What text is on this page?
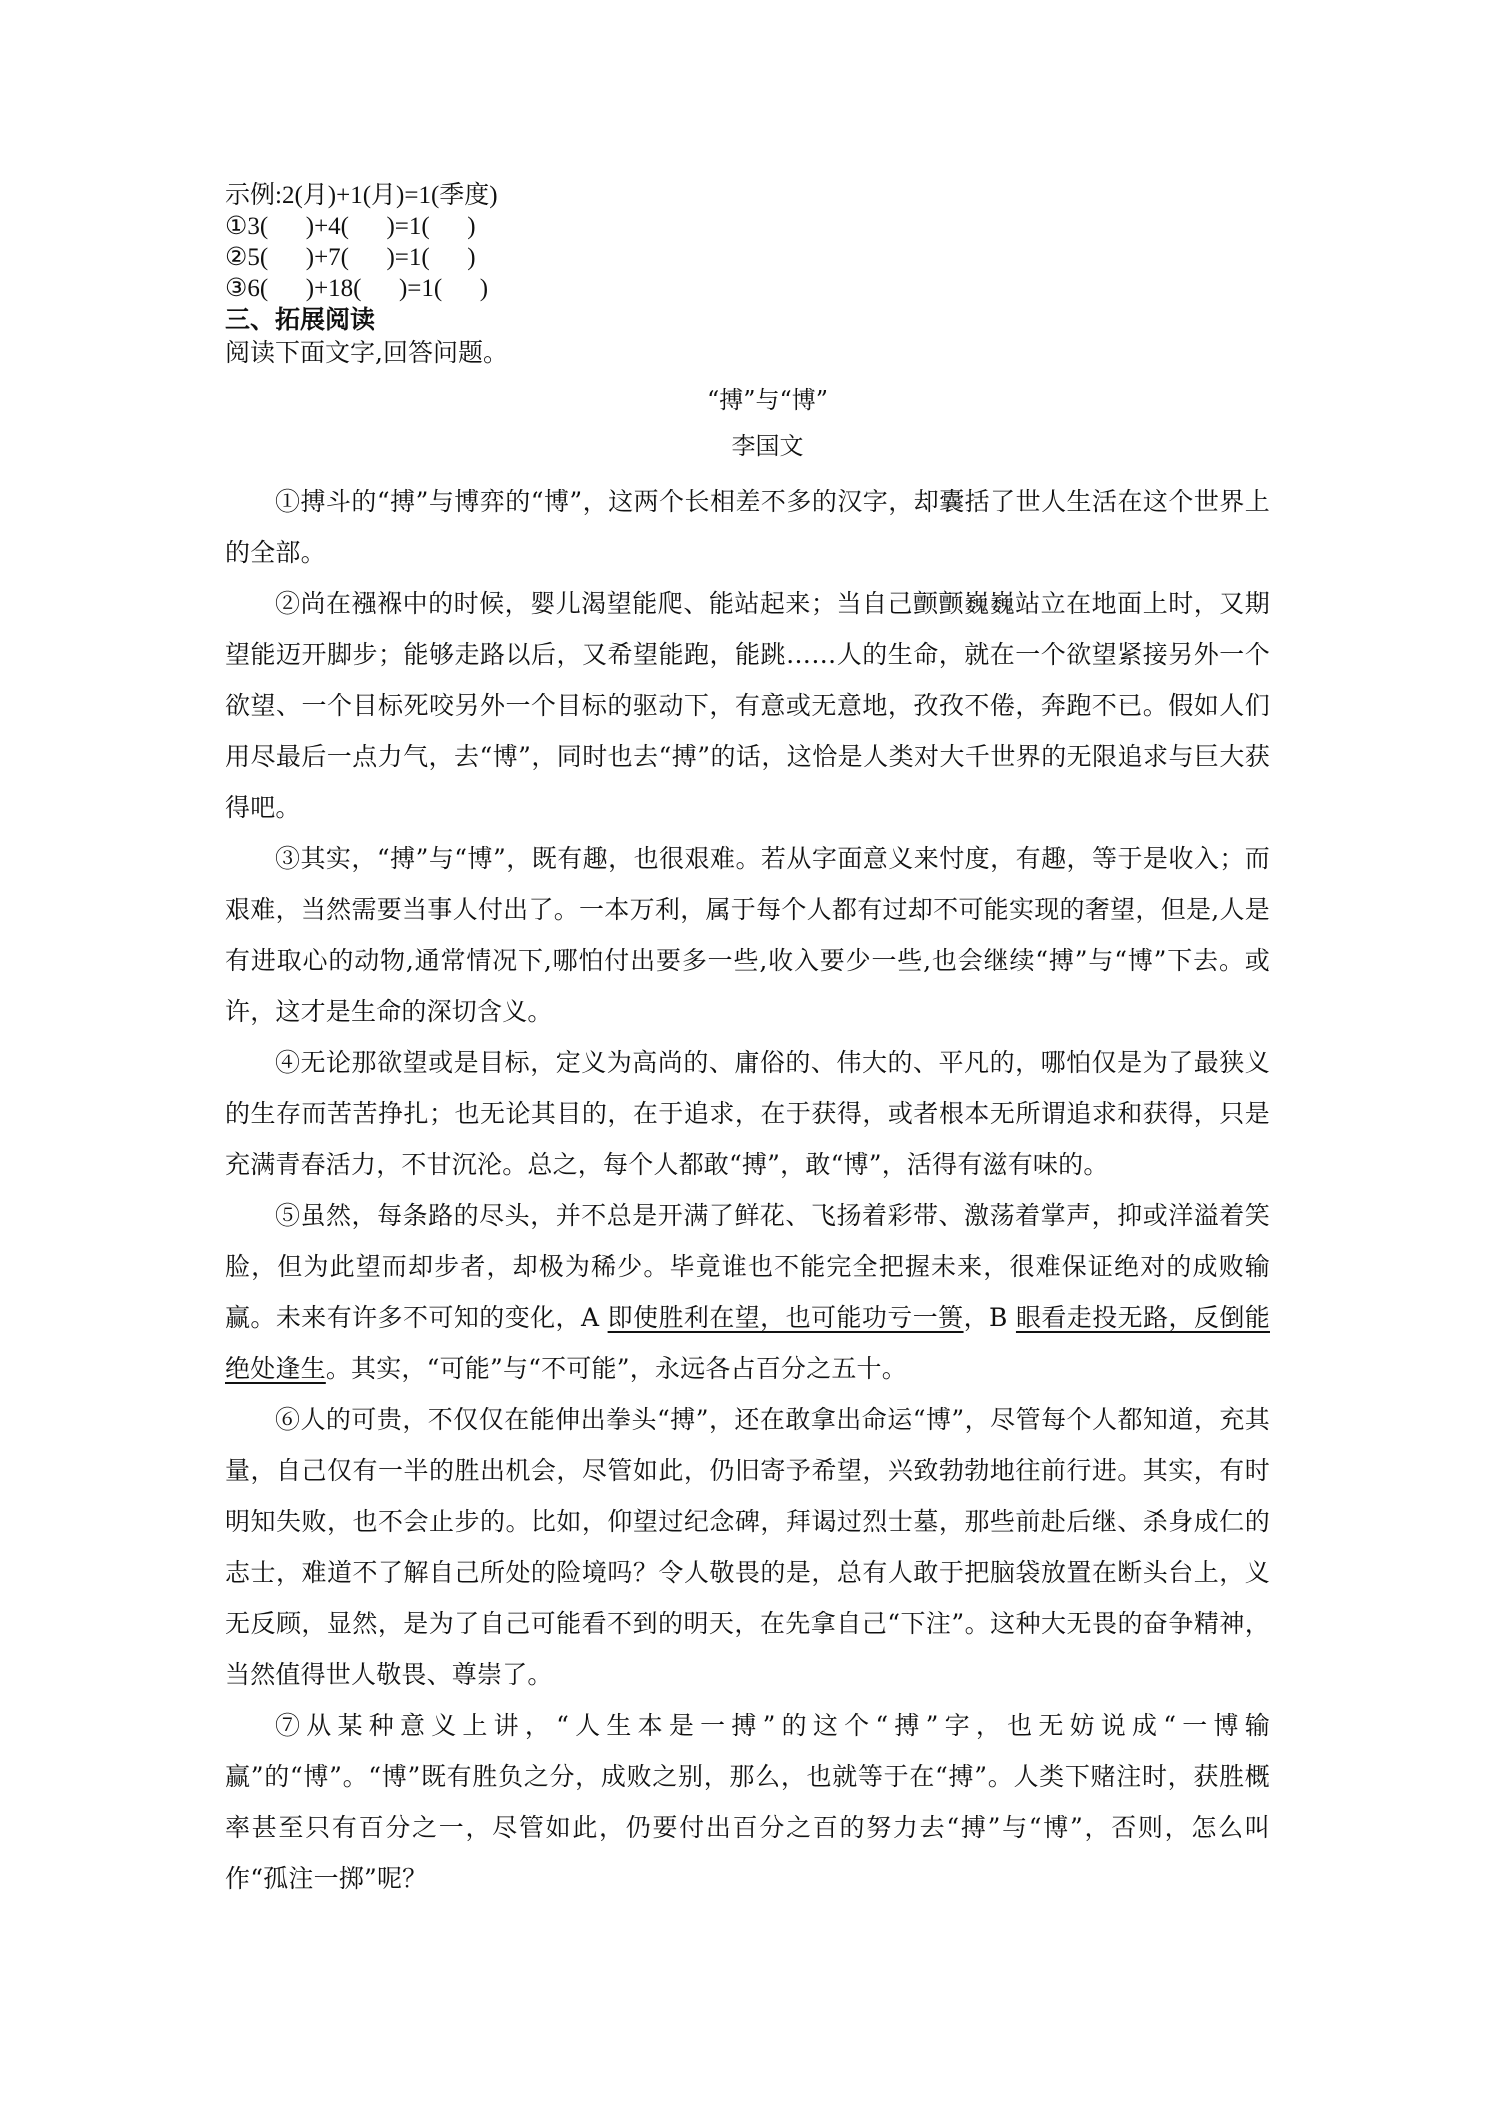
示例:2(月)+1(月)=1(季度)

①3(      )+4(      )=1(      )

②5(      )+7(      )=1(      )

③6(      )+18(      )=1(      )

三、拓展阅读

阅读下面文字,回答问题。

“搏”与“博”

李国文

①搏斗的“搏”与博弈的“博”，这两个长相差不多的汉字，却囊括了世人生活在这个世界上的全部。

②尚在襁褓中的时候，婴儿渴望能爬、能站起来；当自己颤颤巍巍站立在地面上时，又期望能迈开脚步；能够走路以后，又希望能跑，能跳……人的生命，就在一个欲望紧接另外一个欲望、一个目标死咬另外一个目标的驱动下，有意或无意地，孜孜不倦，奔跑不已。假如人们用尽最后一点力气，去“博”，同时也去“搏”的话，这恰是人类对大千世界的无限追求与巨大获得吧。

③其实，“搏”与“博”，既有趣，也很艰难。若从字面意义来忖度，有趣，等于是收入；而艰难，当然需要当事人付出了。一本万利，属于每个人都有过却不可能实现的奢望，但是,人是有进取心的动物,通常情况下,哪怕付出要多一些,收入要少一些,也会继续“搏”与“博”下去。或许，这才是生命的深切含义。

④无论那欲望或是目标，定义为高尚的、庸俗的、伟大的、平凡的，哪怕仅是为了最狭义的生存而苦苦挣扎；也无论其目的，在于追求，在于获得，或者根本无所谓追求和获得，只是充满青春活力，不甘沉沦。总之，每个人都敢“搏”，敢“博”，活得有滋有味的。

⑤虽然，每条路的尽头，并不总是开满了鲜花、飞扬着彩带、激荡着掌声，抑或洋溢着笑脸，但为此望而却步者，却极为稀少。毕竟谁也不能完全把握未来，很难保证绝对的成败输赢。未来有许多不可知的变化，A 即使胜利在望，也可能功亏一篑，B 眼看走投无路，反倒能绝处逢生。其实，“可能”与“不可能”，永远各占百分之五十。

⑥人的可贵，不仅仅在能伸出拳头“搏”，还在敢拿出命运“博”，尽管每个人都知道，充其量，自己仅有一半的胜出机会，尽管如此，仍旧寄予希望，兴致勃勃地往前行进。其实，有时明知失败，也不会止步的。比如，仰望过纪念碑，拜谒过烈士墓，那些前赴后继、杀身成仁的志士，难道不了解自己所处的险境吗？令人敬畏的是，总有人敢于把脑袋放置在断头台上，义无反顾，显然，是为了自己可能看不到的明天，在先拿自己“下注”。这种大无畏的奋争精神，当然值得世人敬畏、尊崇了。

⑦从某种意义上讲，“人生本是一搏”的这个“搏”字，也无妨说成“一博输赢”的“博”。“博”既有胜负之分，成败之别，那么，也就等于在“搏”。人类下赌注时，获胜概率甚至只有百分之一，尽管如此，仍要付出百分之百的努力去“搏”与“博”，否则，怎么叫作“孤注一掷”呢？
